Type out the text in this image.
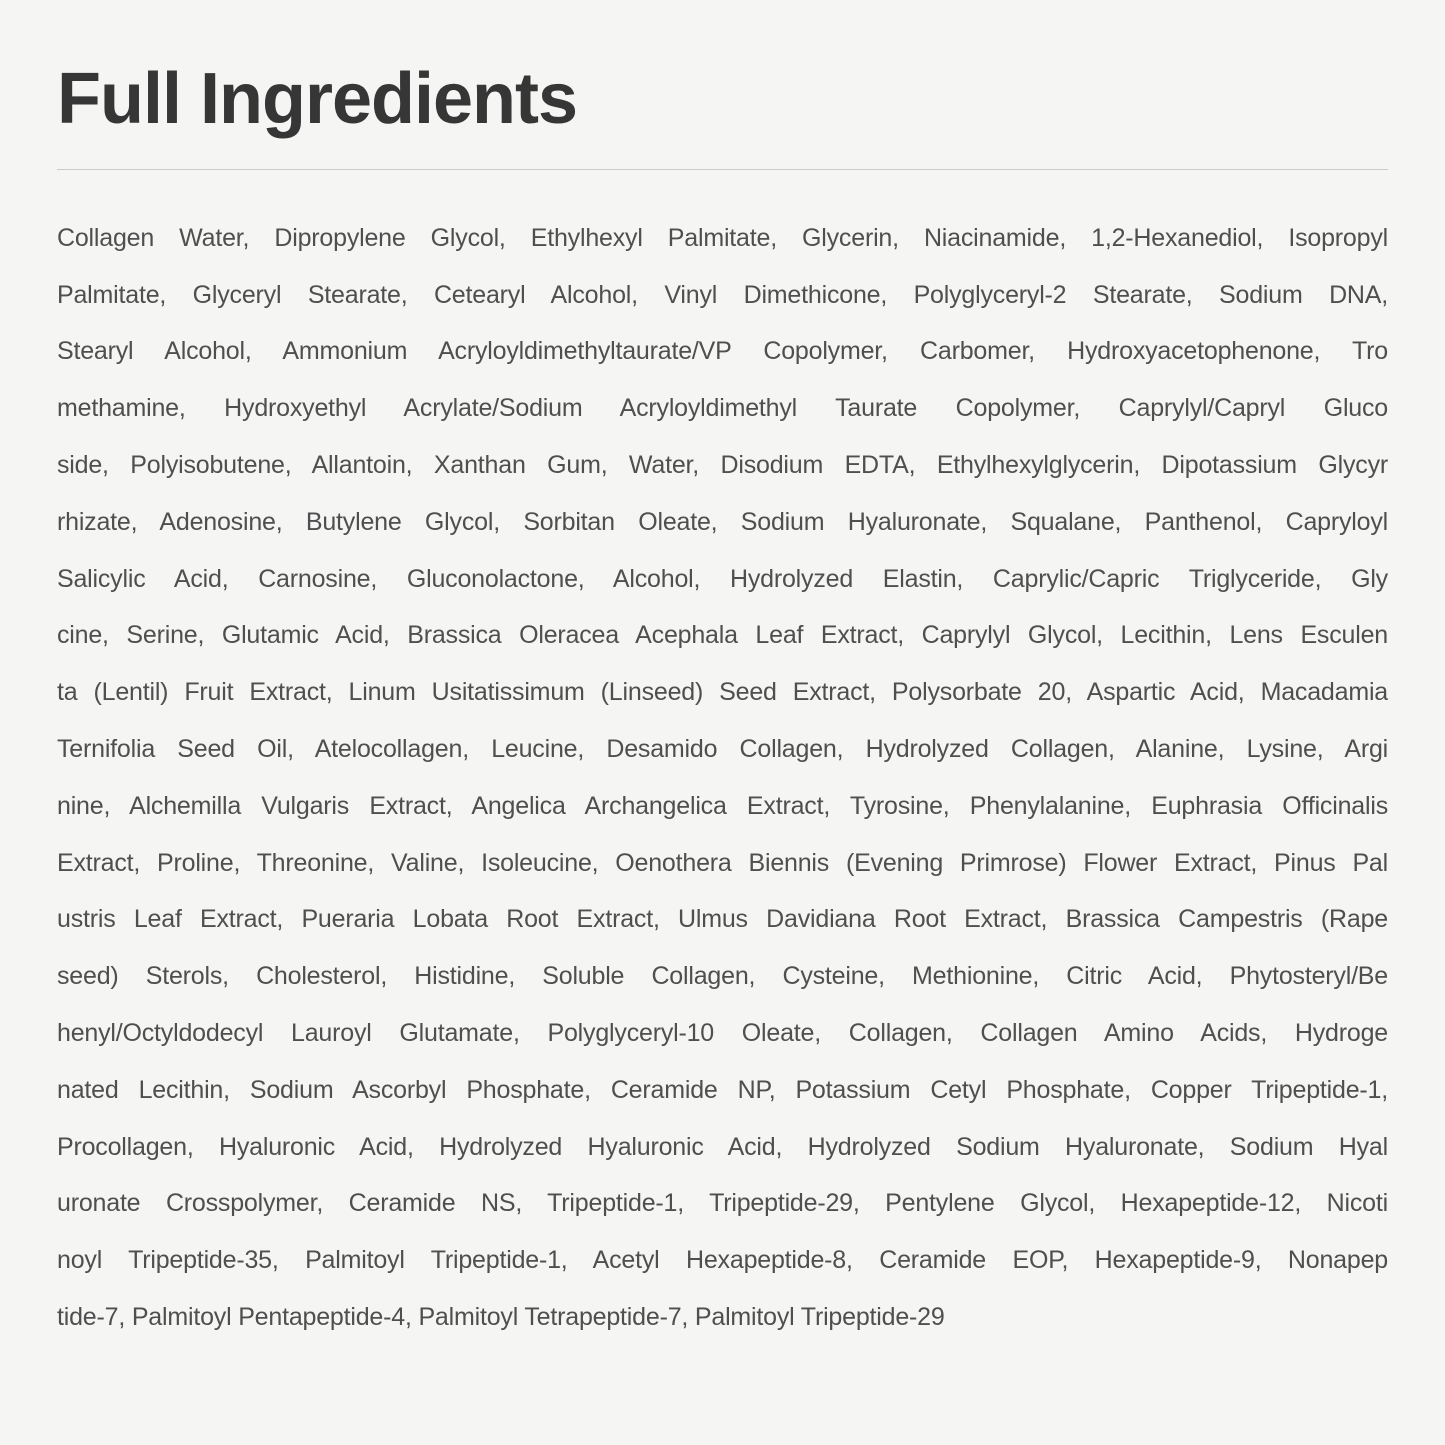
Full Ingredients
Collagen Water, Dipropylene Glycol, Ethylhexyl Palmitate, Glycerin, Niacinamide, 1,2-Hexanediol, Isopropyl
Palmitate, Glyceryl Stearate, Cetearyl Alcohol, Vinyl Dimethicone, Polyglyceryl-2 Stearate, Sodium DNA,
Stearyl Alcohol, Ammonium Acryloyldimethyltaurate/VP Copolymer, Carbomer, Hydroxyacetophenone, Tro
methamine, Hydroxyethyl Acrylate/Sodium Acryloyldimethyl Taurate Copolymer, Caprylyl/Capryl Gluco
side, Polyisobutene, Allantoin, Xanthan Gum, Water, Disodium EDTA, Ethylhexylglycerin, Dipotassium Glycyr
rhizate, Adenosine, Butylene Glycol, Sorbitan Oleate, Sodium Hyaluronate, Squalane, Panthenol, Capryloyl
Salicylic Acid, Carnosine, Gluconolactone, Alcohol, Hydrolyzed Elastin, Caprylic/Capric Triglyceride, Gly
cine, Serine, Glutamic Acid, Brassica Oleracea Acephala Leaf Extract, Caprylyl Glycol, Lecithin, Lens Esculen
ta (Lentil) Fruit Extract, Linum Usitatissimum (Linseed) Seed Extract, Polysorbate 20, Aspartic Acid, Macadamia
Ternifolia Seed Oil, Atelocollagen, Leucine, Desamido Collagen, Hydrolyzed Collagen, Alanine, Lysine, Argi
nine, Alchemilla Vulgaris Extract, Angelica Archangelica Extract, Tyrosine, Phenylalanine, Euphrasia Officinalis
Extract, Proline, Threonine, Valine, Isoleucine, Oenothera Biennis (Evening Primrose) Flower Extract, Pinus Pal
ustris Leaf Extract, Pueraria Lobata Root Extract, Ulmus Davidiana Root Extract, Brassica Campestris (Rape
seed) Sterols, Cholesterol, Histidine, Soluble Collagen, Cysteine, Methionine, Citric Acid, Phytosteryl/Be
henyl/Octyldodecyl Lauroyl Glutamate, Polyglyceryl-10 Oleate, Collagen, Collagen Amino Acids, Hydroge
nated Lecithin, Sodium Ascorbyl Phosphate, Ceramide NP, Potassium Cetyl Phosphate, Copper Tripeptide-1,
Procollagen, Hyaluronic Acid, Hydrolyzed Hyaluronic Acid, Hydrolyzed Sodium Hyaluronate, Sodium Hyal
uronate Crosspolymer, Ceramide NS, Tripeptide-1, Tripeptide-29, Pentylene Glycol, Hexapeptide-12, Nicoti
noyl Tripeptide-35, Palmitoyl Tripeptide-1, Acetyl Hexapeptide-8, Ceramide EOP, Hexapeptide-9, Nonapep
tide-7, Palmitoyl Pentapeptide-4, Palmitoyl Tetrapeptide-7, Palmitoyl Tripeptide-29
